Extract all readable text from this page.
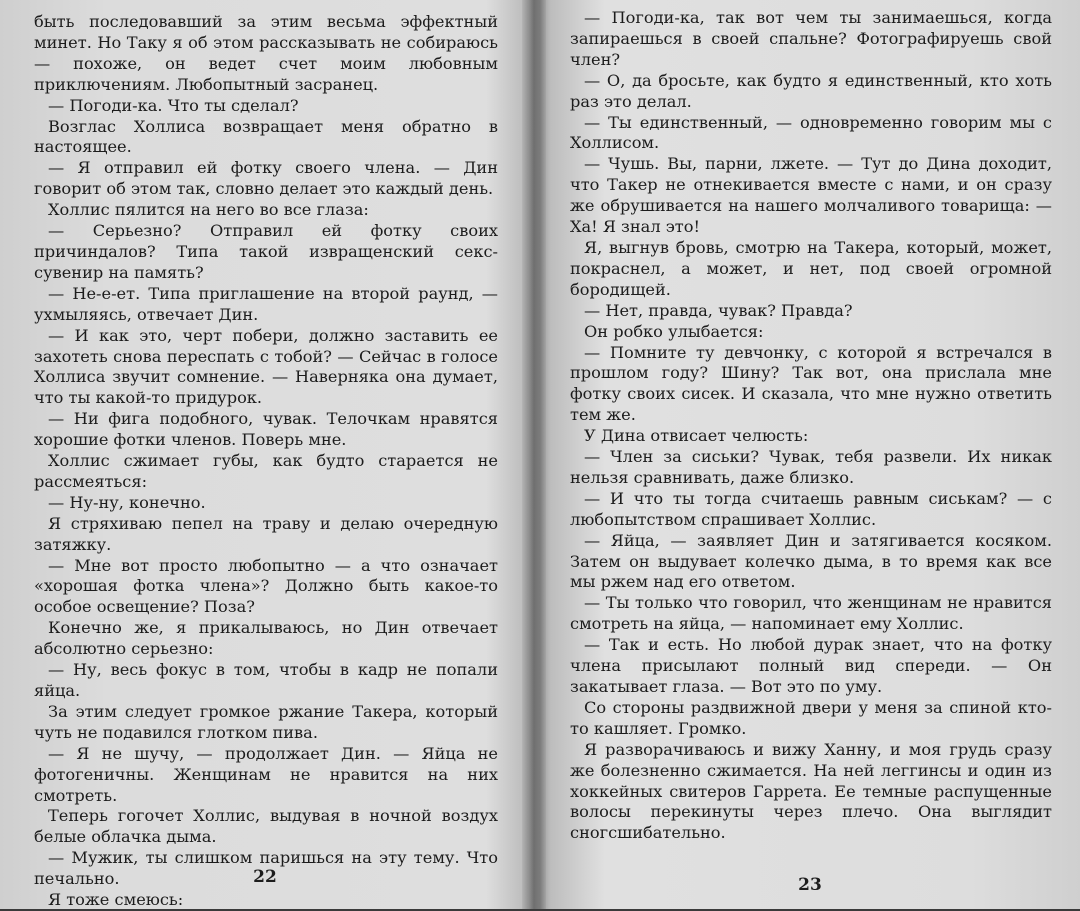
быть последовавший за этим весьма эффектный минет. Но Таку я об этом рассказывать не собираюсь — похоже, он ведет счет моим любовным приключениям. Любопытный засранец.

— Погоди-ка. Что ты сделал?

Возглас Холлиса возвращает меня обратно в настоящее.

— Я отправил ей фотку своего члена. — Дин говорит об этом так, словно делает это каждый день.

Холлис пялится на него во все глаза:

— Серьезно? Отправил ей фотку своих причиндалов? Типа такой извращенский секс-сувенир на память?

— Не-е-ет. Типа приглашение на второй раунд, — ухмыляясь, отвечает Дин.

— И как это, черт побери, должно заставить ее захотеть снова переспать с тобой? — Сейчас в голосе Холлиса звучит сомнение. — Наверняка она думает, что ты какой-то придурок.

— Ни фига подобного, чувак. Телочкам нравятся хорошие фотки членов. Поверь мне.

Холлис сжимает губы, как будто старается не рассмеяться:

— Ну-ну, конечно.

Я стряхиваю пепел на траву и делаю очередную затяжку.

— Мне вот просто любопытно — а что означает «хорошая фотка члена»? Должно быть какое-то особое освещение? Поза?

Конечно же, я прикалываюсь, но Дин отвечает абсолютно серьезно:

— Ну, весь фокус в том, чтобы в кадр не попали яйца.

За этим следует громкое ржание Такера, который чуть не подавился глотком пива.

— Я не шучу, — продолжает Дин. — Яйца не фотогеничны. Женщинам не нравится на них смотреть.

Теперь гогочет Холлис, выдувая в ночной воздух белые облачка дыма.

— Мужик, ты слишком паришься на эту тему. Что печально.

Я тоже смеюсь:

22

— Погоди-ка, так вот чем ты занимаешься, когда запираешься в своей спальне? Фотографируешь свой член?

— О, да бросьте, как будто я единственный, кто хоть раз это делал.

— Ты единственный, — одновременно говорим мы с Холлисом.

— Чушь. Вы, парни, лжете. — Тут до Дина доходит, что Такер не отнекивается вместе с нами, и он сразу же обрушивается на нашего молчаливого товарища: — Ха! Я знал это!

Я, выгнув бровь, смотрю на Такера, который, может, покраснел, а может, и нет, под своей огромной бородищей.

— Нет, правда, чувак? Правда?

Он робко улыбается:

— Помните ту девчонку, с которой я встречался в прошлом году? Шину? Так вот, она прислала мне фотку своих сисек. И сказала, что мне нужно ответить тем же.

У Дина отвисает челюсть:

— Член за сиськи? Чувак, тебя развели. Их никак нельзя сравнивать, даже близко.

— И что ты тогда считаешь равным сиськам? — с любопытством спрашивает Холлис.

— Яйца, — заявляет Дин и затягивается косяком. Затем он выдувает колечко дыма, в то время как все мы ржем над его ответом.

— Ты только что говорил, что женщинам не нравится смотреть на яйца, — напоминает ему Холлис.

— Так и есть. Но любой дурак знает, что на фотку члена присылают полный вид спереди. — Он закатывает глаза. — Вот это по уму.

Со стороны раздвижной двери у меня за спиной кто-то кашляет. Громко.

Я разворачиваюсь и вижу Ханну, и моя грудь сразу же болезненно сжимается. На ней леггинсы и один из хоккейных свитеров Гаррета. Ее темные распущенные волосы перекинуты через плечо. Она выглядит сногсшибательно.

23
